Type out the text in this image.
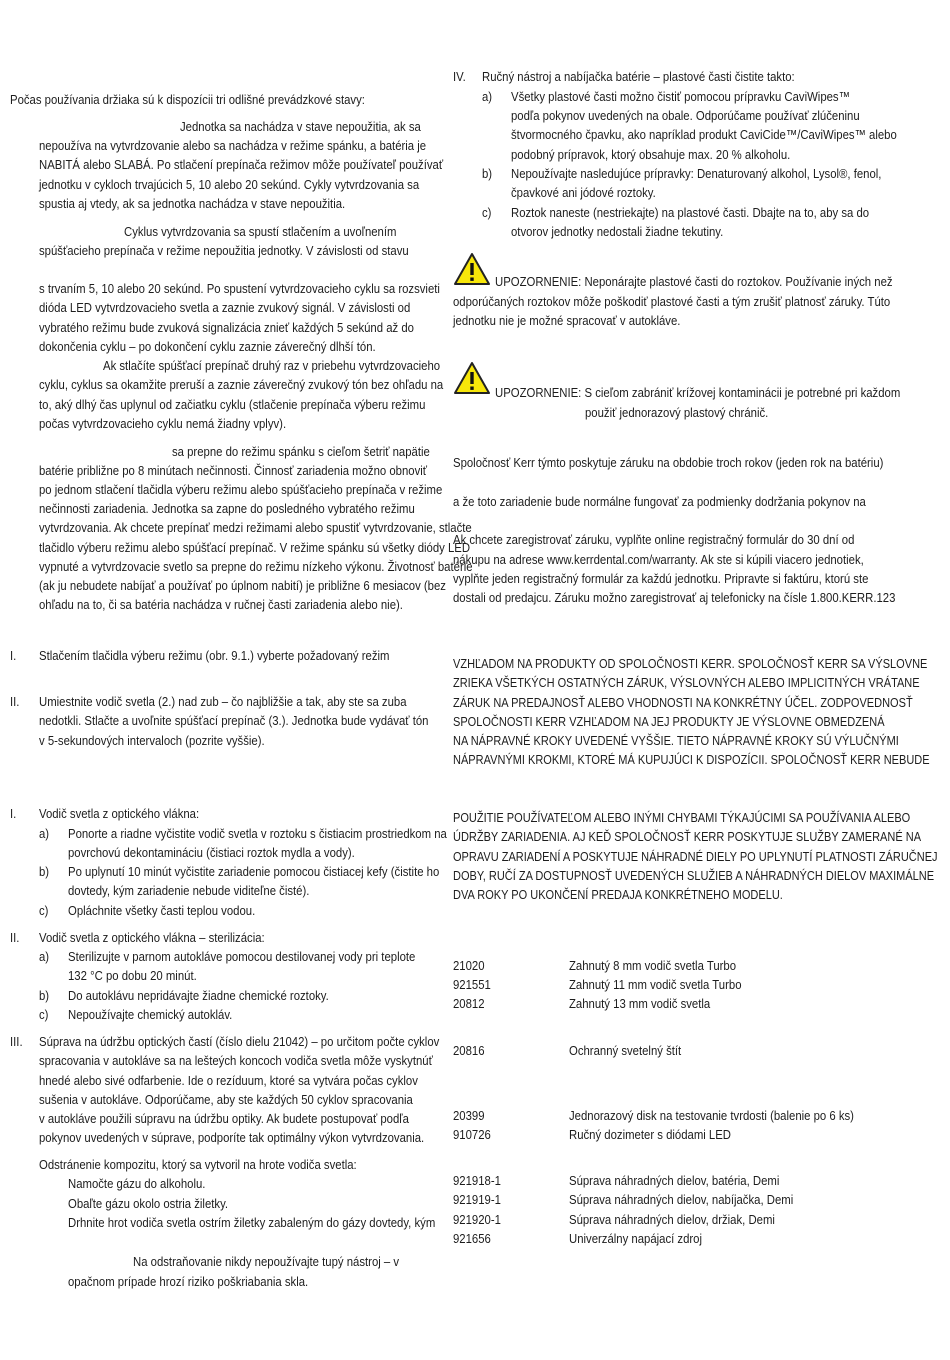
Počas používania držiaka sú k dispozícii tri odlišné prevádzkové stavy:
Jednotka sa nachádza v stave nepoužitia, ak sa
nepoužíva na vytvrdzovanie alebo sa nachádza v režime spánku, a batéria je
NABITÁ alebo SLABÁ. Po stlačení prepínača režimov môže používateľ používať
jednotku v cykloch trvajúcich 5, 10 alebo 20 sekúnd. Cykly vytvrdzovania sa
spustia aj vtedy, ak sa jednotka nachádza v stave nepoužitia.
Cyklus vytvrdzovania sa spustí stlačením a uvoľnením
spúšťacieho prepínača v režime nepoužitia jednotky. V závislosti od stavu
s trvaním 5, 10 alebo 20 sekúnd. Po spustení vytvrdzovacieho cyklu sa rozsvieti
dióda LED vytvrdzovacieho svetla a zaznie zvukový signál. V závislosti od
vybratého režimu bude zvuková signalizácia znieť každých 5 sekúnd až do
dokončenia cyklu – po dokončení cyklu zaznie záverečný dlhší tón.
Ak stlačíte spúšťací prepínač druhý raz v priebehu vytvrdzovacieho
cyklu, cyklus sa okamžite preruší a zaznie záverečný zvukový tón bez ohľadu na
to, aký dlhý čas uplynul od začiatku cyklu (stlačenie prepínača výberu režimu
počas vytvrdzovacieho cyklu nemá žiadny vplyv).
sa prepne do režimu spánku s cieľom šetriť napätie
batérie približne po 8 minútach nečinnosti. Činnosť zariadenia možno obnoviť
po jednom stlačení tlačidla výberu režimu alebo spúšťacieho prepínača v režime
nečinnosti zariadenia. Jednotka sa zapne do posledného vybratého režimu
vytvrdzovania. Ak chcete prepínať medzi režimami alebo spustiť vytvrdzovanie, stlačte
tlačidlo výberu režimu alebo spúšťací prepínač. V režime spánku sú všetky diódy LED
vypnuté a vytvrdzovacie svetlo sa prepne do režimu nízkeho výkonu. Životnosť batérie
(ak ju nebudete nabíjať a používať po úplnom nabití) je približne 6 mesiacov (bez
ohľadu na to, či sa batéria nachádza v ručnej časti zariadenia alebo nie).
I. Stlačením tlačidla výberu režimu (obr. 9.1.) vyberte požadovaný režim
II. Umiestnite vodič svetla (2.) nad zub – čo najbližšie a tak, aby ste sa zuba
nedotkli. Stlačte a uvoľnite spúšťací prepínač (3.). Jednotka bude vydávať tón
v 5-sekundových intervaloch (pozrite vyššie).
I. Vodič svetla z optického vlákna:
a) Ponorte a riadne vyčistite vodič svetla v roztoku s čistiacim prostriedkom na
povrchovú dekontamináciu (čistiaci roztok mydla a vody).
b) Po uplynutí 10 minút vyčistite zariadenie pomocou čistiacej kefy (čistite ho
dovtedy, kým zariadenie nebude viditeľne čisté).
c) Opláchnite všetky časti teplou vodou.
II. Vodič svetla z optického vlákna – sterilizácia:
a) Sterilizujte v parnom autokláve pomocou destilovanej vody pri teplote
132 °C po dobu 20 minút.
b) Do autoklávu nepridávajte žiadne chemické roztoky.
c) Nepoužívajte chemický autokláv.
III. Súprava na údržbu optických častí (číslo dielu 21042) – po určitom počte cyklov
spracovania v autokláve sa na lešteých koncoch vodiča svetla môže vyskytnúť
hnedé alebo sivé odfarbenie. Ide o rezíduum, ktoré sa vytvára počas cyklov
sušenia v autokláve. Odporúčame, aby ste každých 50 cyklov spracovania
v autokláve použili súpravu na údržbu optiky. Ak budete postupovať podľa
pokynov uvedených v súprave, podporíte tak optimálny výkon vytvrdzovania.
Odstránenie kompozitu, ktorý sa vytvoril na hrote vodiča svetla:
Namočte gázu do alkoholu.
Obaľte gázu okolo ostria žiletky.
Drhnite hrot vodiča svetla ostrím žiletky zabaleným do gázy dovtedy, kým
Na odstraňovanie nikdy nepoužívajte tupý nástroj – v
opačnom prípade hrozí riziko poškriabania skla.
IV. Ručný nástroj a nabíjačka batérie – plastové časti čistite takto:
a) Všetky plastové časti možno čistiť pomocou prípravku CaviWipes™
podľa pokynov uvedených na obale. Odporúčame používať zlúčeninu
štvormocného čpavku, ako napríklad produkt CaviCide™/CaviWipes™ alebo
podobný prípravok, ktorý obsahuje max. 20 % alkoholu.
b) Nepoužívajte nasledujúce prípravky: Denaturovaný alkohol, Lysol®, fenol,
čpavkové ani jódové roztoky.
c) Roztok naneste (nestriekajte) na plastové časti. Dbajte na to, aby sa do
otvorov jednotky nedostali žiadne tekutiny.
UPOZORNENIE: Neponárajte plastové časti do roztokov. Používanie iných než
odporúčaných roztokov môže poškodiť plastové časti a tým zrušiť platnosť záruky. Túto
jednotku nie je možné spracovať v autokláve.
UPOZORNENIE: S cieľom zabrániť krížovej kontaminácii je potrebné pri každom
použiť jednorazový plastový chránič.
Spoločnosť Kerr týmto poskytuje záruku na obdobie troch rokov (jeden rok na batériu)
a že toto zariadenie bude normálne fungovať za podmienky dodržania pokynov na
Ak chcete zaregistrovať záruku, vyplňte online registračný formulár do 30 dní od
nákupu na adrese www.kerrdental.com/warranty. Ak ste si kúpili viacero jednotiek,
vyplňte jeden registračný formulár za každú jednotku. Pripravte si faktúru, ktorú ste
dostali od predajcu. Záruku možno zaregistrovať aj telefonicky na čísle 1.800.KERR.123
VZHĽADOM NA PRODUKTY OD SPOLOČNOSTI KERR. SPOLOČNOSŤ KERR SA VÝSLOVNE
ZRIEKA VŠETKÝCH OSTATNÝCH ZÁRUK, VÝSLOVNÝCH ALEBO IMPLICITNÝCH VRÁTANE
ZÁRUK NA PREDAJNOSŤ ALEBO VHODNOSTI NA KONKRÉTNY ÚČEL. ZODPOVEDNOSŤ
SPOLOČNOSTI KERR VZHĽADOM NA JEJ PRODUKTY JE VÝSLOVNE OBMEDZENÁ
NA NÁPRAVNÉ KROKY UVEDENÉ VYŠŠIE. TIETO NÁPRAVNÉ KROKY SÚ VÝLUČNÝMI
NÁPRAVNÝMI KROKMI, KTORÉ MÁ KUPUJÚCI K DISPOZÍCII. SPOLOČNOSŤ KERR NEBUDE
POUŽITIE POUŽÍVATEĽOM ALEBO INÝMI CHYBAMI TÝKAJÚCIMI SA POUŽÍVANIA ALEBO
ÚDRŽBY ZARIADENIA. AJ KEĎ SPOLOČNOSŤ KERR POSKYTUJE SLUŽBY ZAMERANÉ NA
OPRAVU ZARIADENÍ A POSKYTUJE NÁHRADNÉ DIELY PO UPLYNUTÍ PLATNOSTI ZÁRUČNEJ
DOBY, RUČÍ ZA DOSTUPNOSŤ UVEDENÝCH SLUŽIEB A NÁHRADNÝCH DIELOV MAXIMÁLNE
DVA ROKY PO UKONČENÍ PREDAJA KONKRÉTNEHO MODELU.
21020	Zahnutý 8 mm vodič svetla Turbo
921551	Zahnutý 11 mm vodič svetla Turbo
20812	Zahnutý 13 mm vodič svetla
20816	Ochranný svetelný štít
20399	Jednorazový disk na testovanie tvrdosti (balenie po 6 ks)
910726	Ručný dozimeter s diódami LED
921918-1	Súprava náhradných dielov, batéria, Demi
921919-1	Súprava náhradných dielov, nabíjačka, Demi
921920-1	Súprava náhradných dielov, držiak, Demi
921656	Univerzálny napájací zdroj
